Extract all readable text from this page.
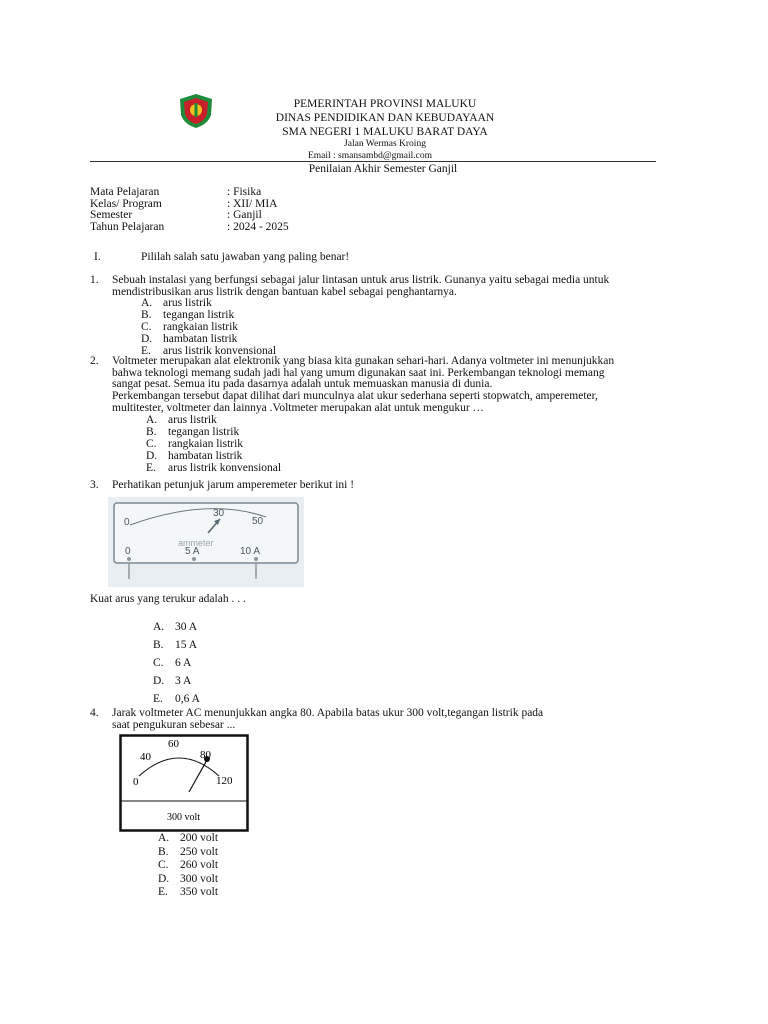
PEMERINTAH PROVINSI MALUKU
DINAS PENDIDIKAN DAN KEBUDAYAAN
SMA NEGERI 1 MALUKU BARAT DAYA
Jalan Wermas Kroing
Email : smansambd@gmail.com
Penilaian Akhir Semester Ganjil
Mata Pelajaran	: Fisika
Kelas/ Program	: XII/ MIA
Semester	: Ganjil
Tahun Pelajaran	: 2024 - 2025
I.	Pililah salah satu jawaban yang paling benar!
1. Sebuah instalasi yang berfungsi sebagai jalur lintasan untuk arus listrik. Gunanya yaitu sebagai media untuk
mendistribusikan arus listrik dengan bantuan kabel sebagai penghantarnya.
A. arus listrik
B. tegangan listrik
C. rangkaian listrik
D. hambatan listrik
E. arus listrik konvensional
2. Voltmeter merupakan alat elektronik yang biasa kita gunakan sehari-hari. Adanya voltmeter ini menunjukkan
bahwa teknologi memang sudah jadi hal yang umum digunakan saat ini. Perkembangan teknologi memang
sangat pesat. Semua itu pada dasarnya adalah untuk memuaskan manusia di dunia.
Perkembangan tersebut dapat dilihat dari munculnya alat ukur sederhana seperti stopwatch, amperemeter,
multitester, voltmeter dan lainnya .Voltmeter merupakan alat untuk mengukur …
A. arus listrik
B. tegangan listrik
C. rangkaian listrik
D. hambatan listrik
E. arus listrik konvensional
3. Perhatikan petunjuk jarum amperemeter berikut ini !
0
30
50
ammeter
0	5 A	10 A
Kuat arus yang terukur adalah . . .
A. 30 A
B. 15 A
C. 6 A
D. 3 A
E. 0,6 A
4. Jarak voltmeter AC menunjukkan angka 80. Apabila batas ukur 300 volt,tegangan listrik pada
saat pengukuran sebesar ...
0
40
60
80
120
300 volt
A. 200 volt
B. 250 volt
C. 260 volt
D. 300 volt
E. 350 volt
